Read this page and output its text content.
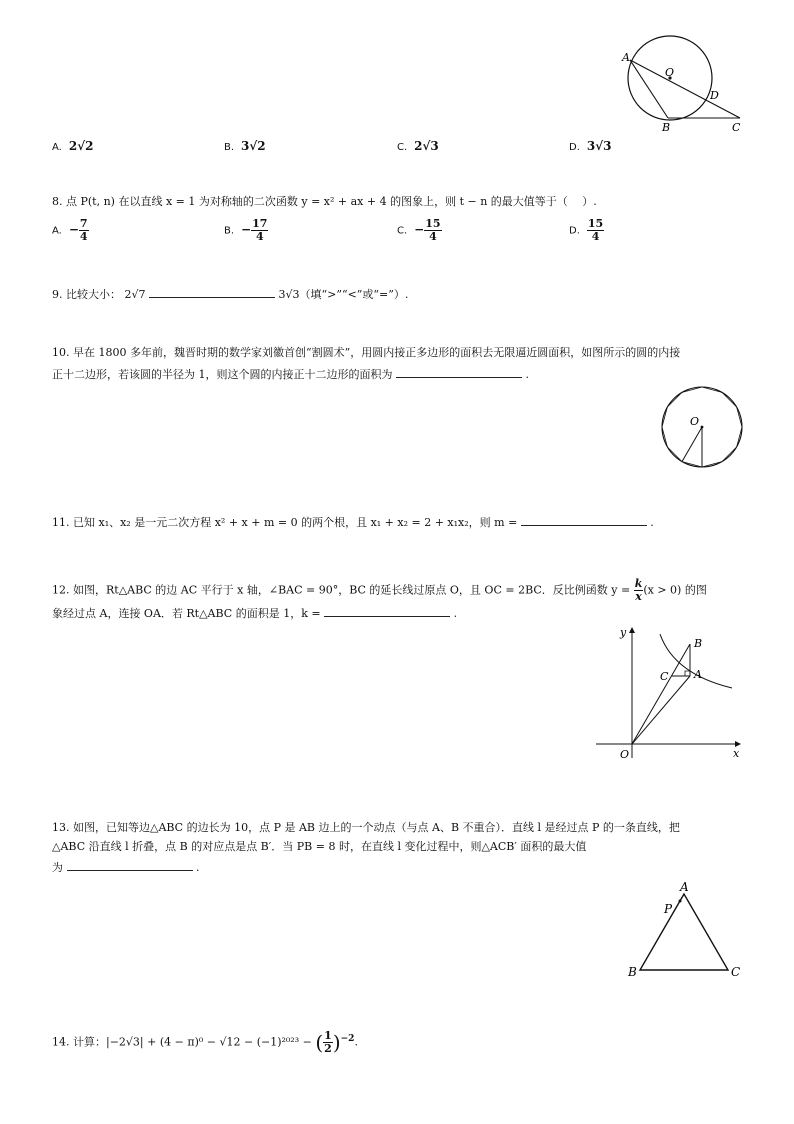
A
O
D
B	C
A. 2√2	B. 3√2	C. 2√3	D. 3√3
8. 点 P(t, n) 在以直线 x = 1 为对称轴的二次函数 y = x² + ax + 4 的图象上，则 t − n 的最大值等于（　 ）.
A. − $\frac{7}{4}$	B. − $\frac{17}{4}$	C. − $\frac{15}{4}$	D. $\frac{15}{4}$
9. 比较大小： 2√7	3√3（填“>”“<”或“=”）.
10. 早在 1800 多年前，魏晋时期的数学家刘徽首创“割圆术”，用圆内接正多边形的面积去无限逼近圆面积，如图所示的圆的内接
正十二边形，若该圆的半径为 1，则这个圆的内接正十二边形的面积为	.
O
11. 已知 x₁、x₂ 是一元二次方程 x² + x + m = 0 的两个根，且 x₁ + x₂ = 2 + x₁x₂，则 m =	.
12. 如图，Rt△ABC 的边 AC 平行于 x 轴，∠BAC = 90°，BC 的延长线过原点 O，且 OC = 2BC．反比例函数 $y = \frac{k}{x} (x > 0)$ 的图
象经过点 A，连接 OA．若 Rt△ABC 的面积是 1，k =	.
y
x
O
B
C A
13. 如图，已知等边△ABC 的边长为 10，点 P 是 AB 边上的一个动点（与点 A、B 不重合）．直线 l 是经过点 P 的一条直线，把
△ABC 沿直线 l 折叠，点 B 的对应点是点 B′．当 PB = 8 时，在直线 l 变化过程中，则△ACB′ 面积的最大值
为	.
A
P
B	C
14. 计算：|−2√3| + (4 − π)⁰ − √12 − (−1)²⁰²³ − ( $\frac{1}{2} )^{-2}$.
